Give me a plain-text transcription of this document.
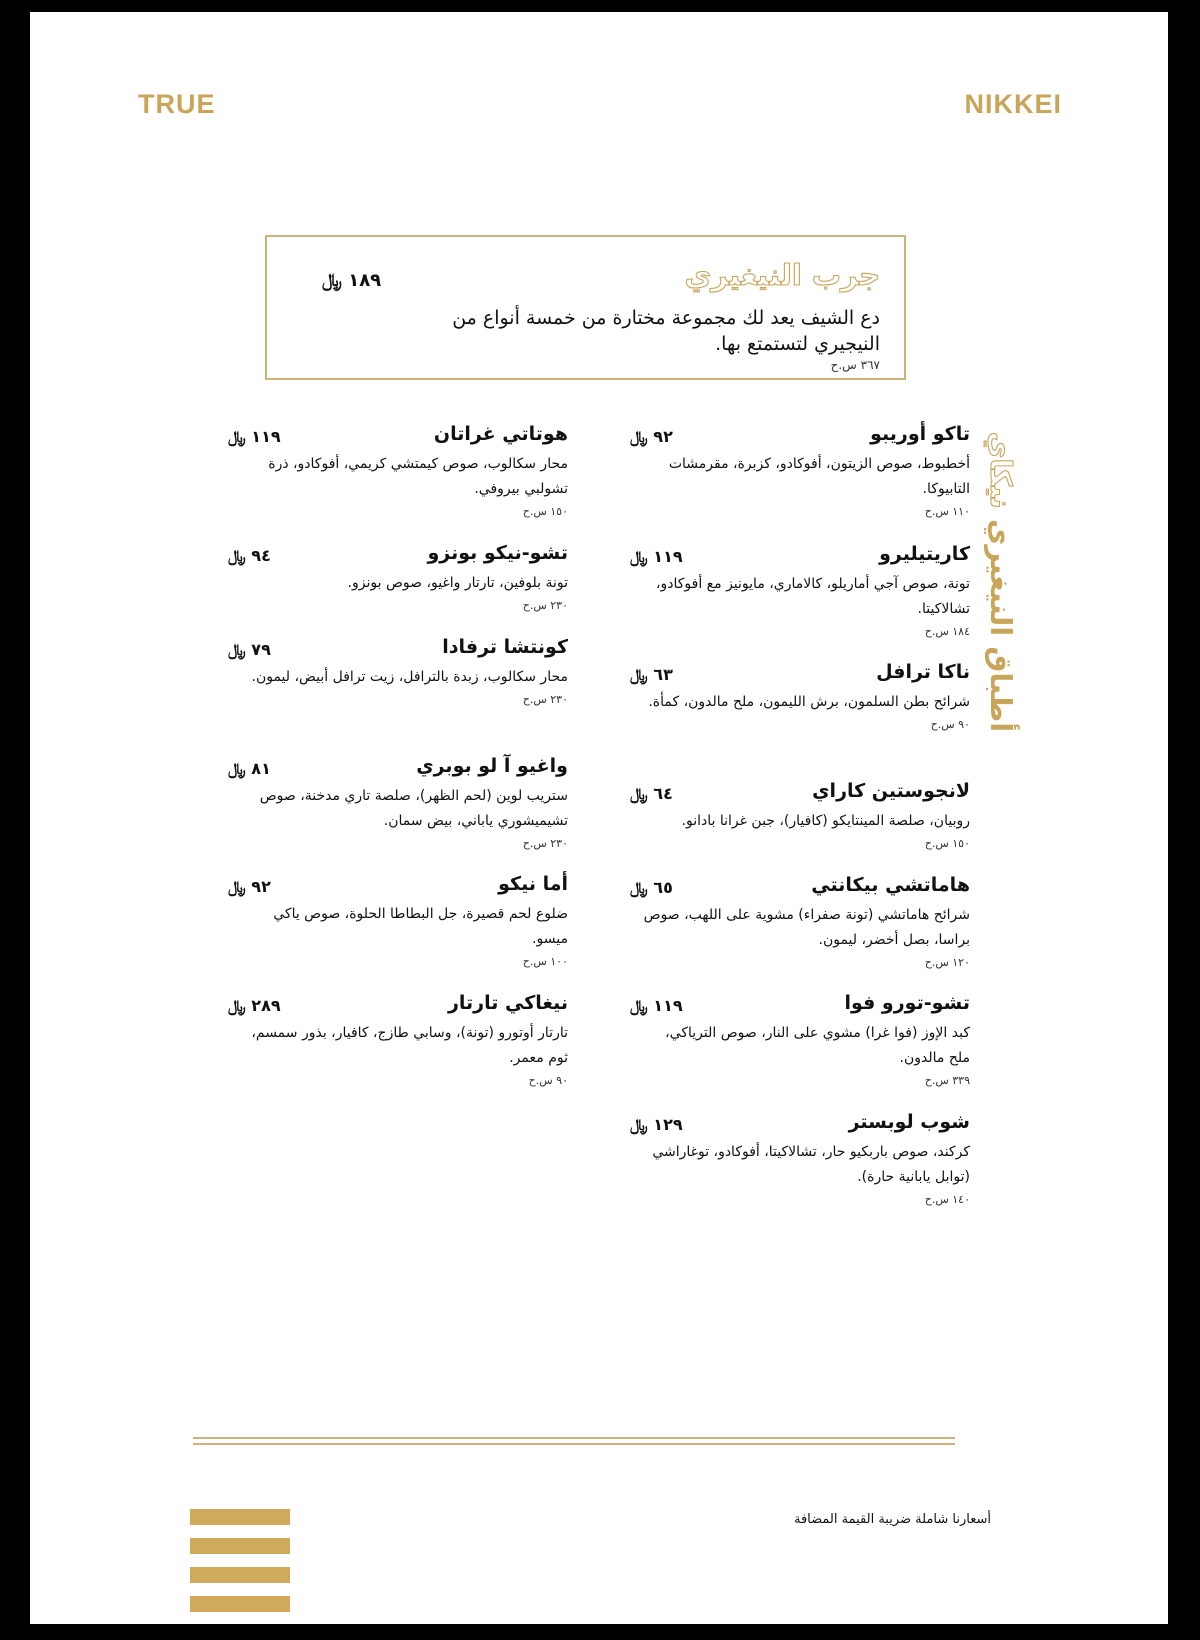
TRUE	NIKKEI
جرب النيغيري
١٨٩ ﷼
دع الشيف يعد لك مجموعة مختارة من خمسة أنواع من النيجيري لتستمتع بها.
٣٦٧ س.ح
أطباق النيغيري نيكاي
تاكو أوريبو
٩٢ ﷼
أخطبوط، صوص الزيتون، أفوكادو، كزبرة، مقرمشات التابيوكا.
١١٠ س.ح
كاريتيليرو
١١٩ ﷼
تونة، صوص آجي أماريلو، كالاماري، مايونيز مع أفوكادو، تشالاكيتا.
١٨٤ س.ح
ناكا ترافل
٦٣ ﷼
شرائح بطن السلمون، برش الليمون، ملح مالدون، كمأة.
٩٠ س.ح
لانجوستين كاراي
٦٤ ﷼
روبيان، صلصة المينتايكو (كافيار)، جبن غرانا بادانو.
١٥٠ س.ح
هاماتشي بيكانتي
٦٥ ﷼
شرائح هاماتشي (تونة صفراء) مشوية على اللهب، صوص براسا، بصل أخضر، ليمون.
١٢٠ س.ح
تشو-تورو فوا
١١٩ ﷼
كبد الإوز (فوا غرا) مشوي على النار، صوص الترياكي، ملح مالدون.
٣٣٩ س.ح
شوب لوبستر
١٢٩ ﷼
كركند، صوص باربكيو حار، تشالاكيتا، أفوكادو، توغاراشي (توابل يابانية حارة).
١٤٠ س.ح
هوتاتي غراتان
١١٩ ﷼
محار سكالوب، صوص كيمتشي كريمي، أفوكادو، ذرة تشولبي بيروفي.
١٥٠ س.ح
تشو-نيكو بونزو
٩٤ ﷼
تونة بلوفين، تارتار واغيو، صوص بونزو.
٢٣٠ س.ح
كونتشا ترفادا
٧٩ ﷼
محار سكالوب، زبدة بالترافل، زيت ترافل أبيض، ليمون.
٢٣٠ س.ح
واغيو آ لو بوبري
٨١ ﷼
ستريب لوين (لحم الظهر)، صلصة تاري مدخنة، صوص تشيميشوري ياباني، بيض سمان.
٢٣٠ س.ح
أما نيكو
٩٢ ﷼
ضلوع لحم قصيرة، جل البطاطا الحلوة، صوص ياكي ميسو.
١٠٠ س.ح
نيغاكي تارتار
٢٨٩ ﷼
تارتار أوتورو (تونة)، وسابي طازج، كافيار، بذور سمسم، ثوم معمر.
٩٠ س.ح
أسعارنا شاملة ضريبة القيمة المضافة
